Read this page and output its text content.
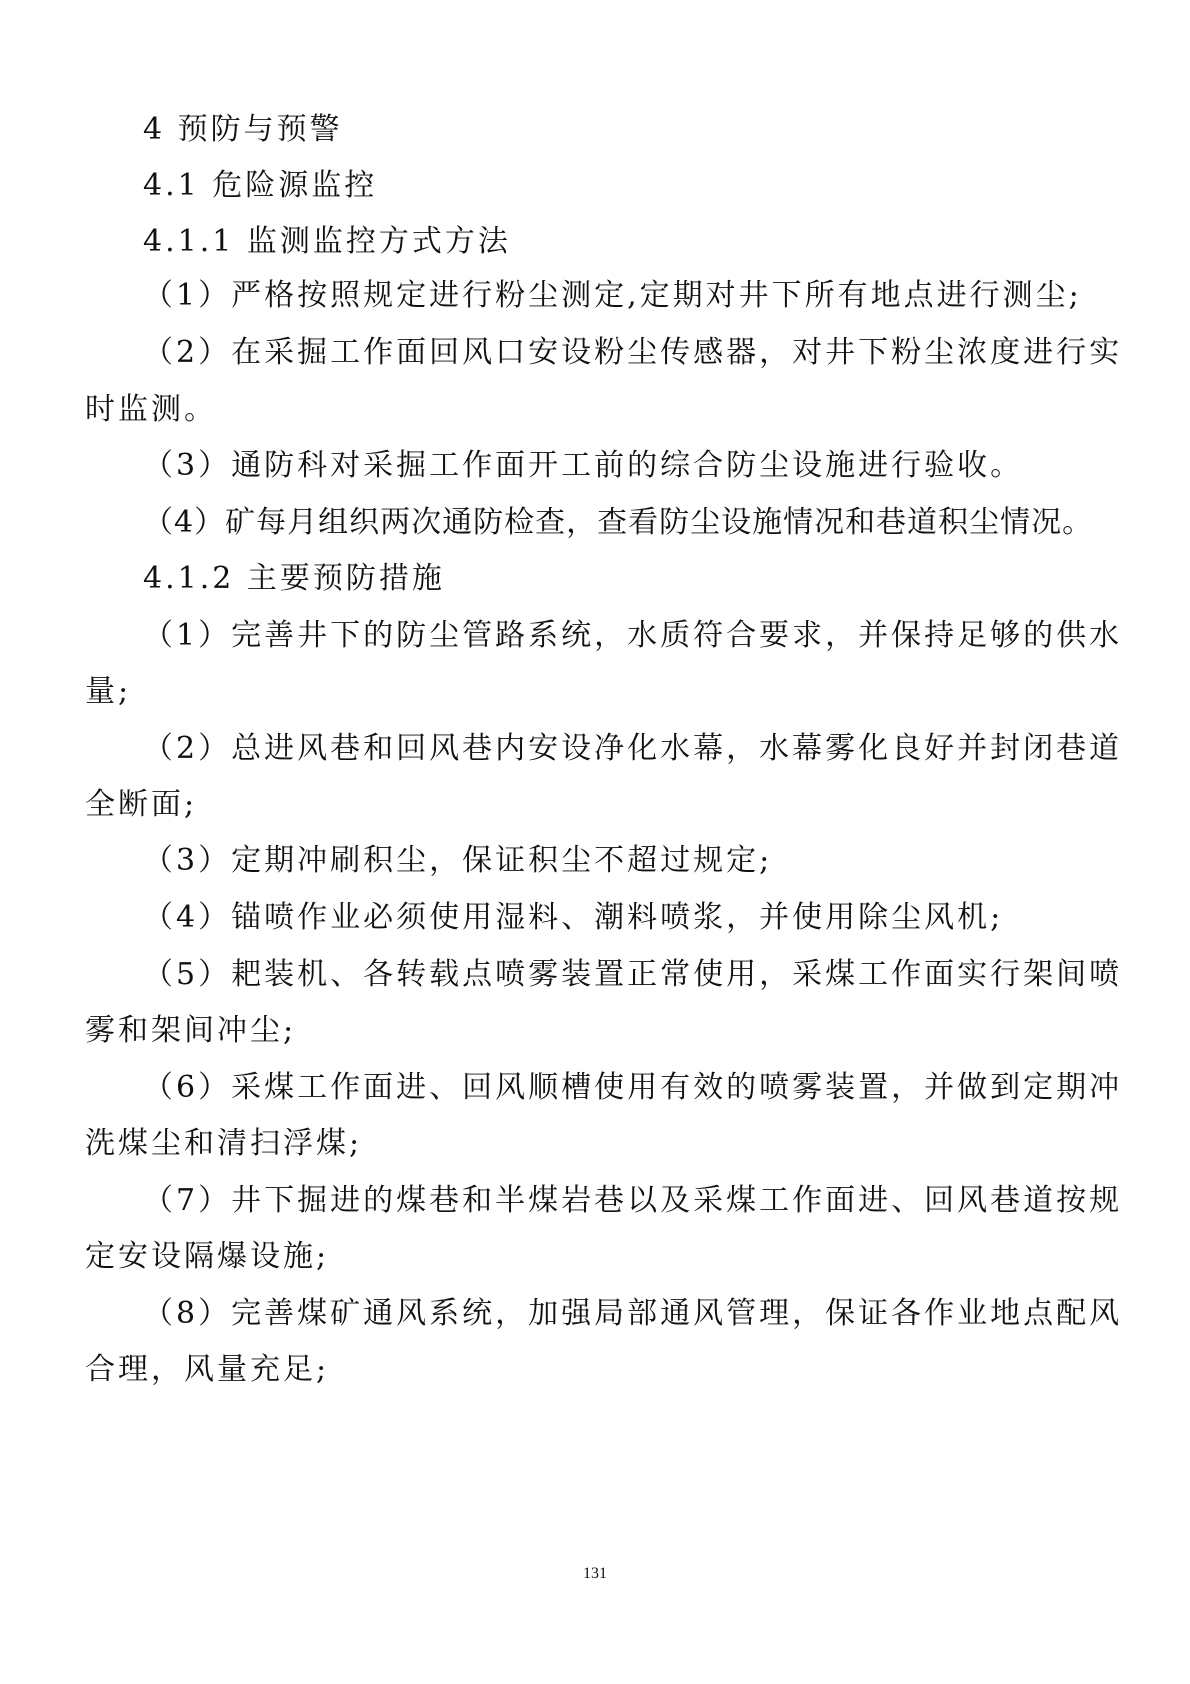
4 预防与预警
4.1 危险源监控
4.1.1 监测监控方式方法
（1）严格按照规定进行粉尘测定,定期对井下所有地点进行测尘;
（2）在采掘工作面回风口安设粉尘传感器，对井下粉尘浓度进行实
时监测。
（3）通防科对采掘工作面开工前的综合防尘设施进行验收。
（4）矿每月组织两次通防检查，查看防尘设施情况和巷道积尘情况。
4.1.2 主要预防措施
（1）完善井下的防尘管路系统，水质符合要求，并保持足够的供水
量;
（2）总进风巷和回风巷内安设净化水幕，水幕雾化良好并封闭巷道
全断面;
（3）定期冲刷积尘，保证积尘不超过规定;
（4）锚喷作业必须使用湿料、潮料喷浆，并使用除尘风机;
（5）耙装机、各转载点喷雾装置正常使用，采煤工作面实行架间喷
雾和架间冲尘;
（6）采煤工作面进、回风顺槽使用有效的喷雾装置，并做到定期冲
洗煤尘和清扫浮煤;
（7）井下掘进的煤巷和半煤岩巷以及采煤工作面进、回风巷道按规
定安设隔爆设施;
（8）完善煤矿通风系统，加强局部通风管理，保证各作业地点配风
合理，风量充足;
131
